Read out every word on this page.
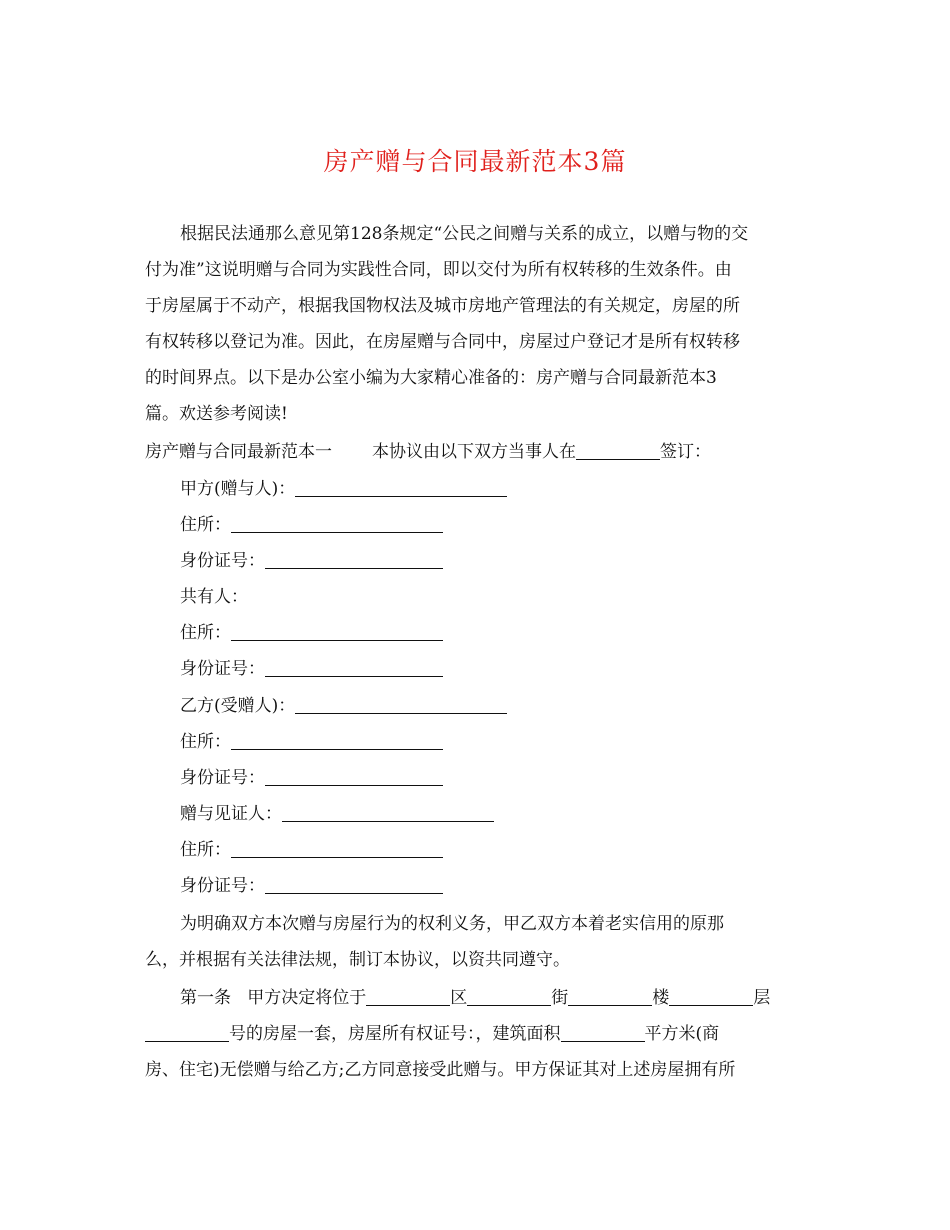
房产赠与合同最新范本3篇
根据民法通那么意见第128条规定“公民之间赠与关系的成立，以赠与物的交
付为准”这说明赠与合同为实践性合同，即以交付为所有权转移的生效条件。由
于房屋属于不动产，根据我国物权法及城市房地产管理法的有关规定，房屋的所
有权转移以登记为准。因此，在房屋赠与合同中，房屋过户登记才是所有权转移
的时间界点。以下是办公室小编为大家精心准备的：房产赠与合同最新范本3
篇。欢送参考阅读!
房产赠与合同最新范本一 本协议由以下双方当事人在	签订：
甲方(赠与人)：
住所：
身份证号：
共有人：
住所：
身份证号：
乙方(受赠人)：
住所：
身份证号：
赠与见证人：
住所：
身份证号：
为明确双方本次赠与房屋行为的权利义务，甲乙双方本着老实信用的原那
么，并根据有关法律法规，制订本协议，以资共同遵守。
第一条 甲方决定将位于	区	街	楼	层
号的房屋一套，房屋所有权证号：，建筑面积	平方米(商
房、住宅)无偿赠与给乙方;乙方同意接受此赠与。甲方保证其对上述房屋拥有所
